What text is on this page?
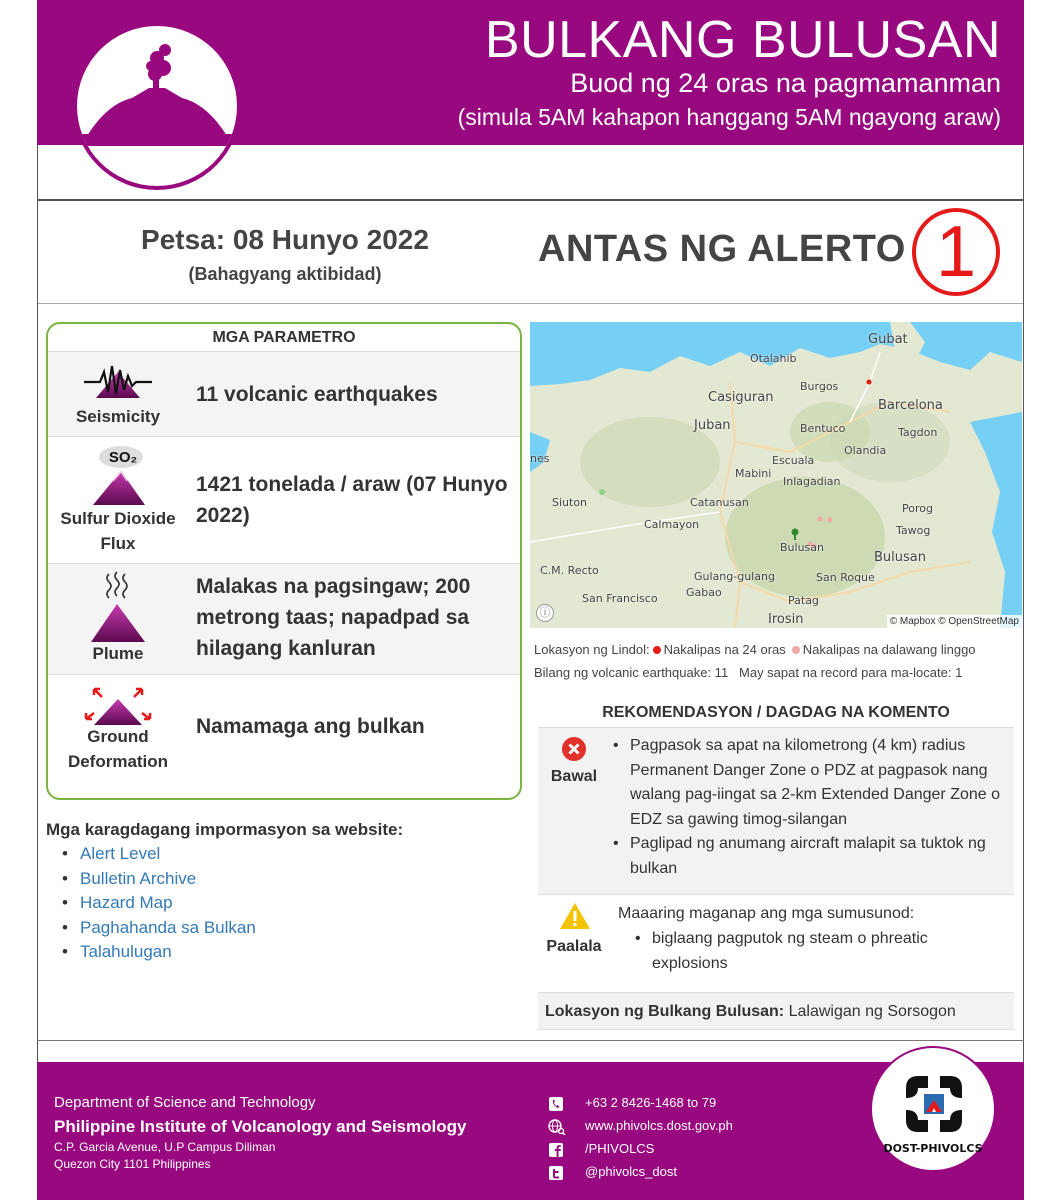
BULKANG BULUSAN
Buod ng 24 oras na pagmamanman
(simula 5AM kahapon hanggang 5AM ngayong araw)
Petsa: 08 Hunyo 2022
(Bahagyang aktibidad)
ANTAS NG ALERTO 1
MGA PARAMETRO
Seismicity
11 volcanic earthquakes
SO₂
Sulfur Dioxide Flux
1421 tonelada / araw (07 Hunyo 2022)
Plume
Malakas na pagsingaw; 200 metrong taas; napadpad sa hilagang kanluran
Ground Deformation
Namamaga ang bulkan
Mga karagdagang impormasyon sa website:
• Alert Level
• Bulletin Archive
• Hazard Map
• Paghahanda sa Bulkan
• Talahulugan
Gubat
Otalahib
Burgos
Casiguran
Barcelona
Juban	Bentuco	Tagdon
nes
Olandia
Escuala
Mabini
Inlagadian
Siuton	Catanusan	Porog
Calmayon	Tawog
Bulusan
Bulusan
C.M. Recto
San Roque
Gulang-gulang
San Francisco	Gabao
Patag
Irosin
ⓘ
© Mapbox © OpenStreetMap
Lokasyon ng Lindol: Nakalipas na 24 oras Nakalipas na dalawang linggo
Bilang ng volcanic earthquake: 11 May sapat na record para ma-locate: 1
REKOMENDASYON / DAGDAG NA KOMENTO
Bawal
• Pagpasok sa apat na kilometrong (4 km) radius Permanent Danger Zone o PDZ at pagpasok nang walang pag-iingat sa 2-km Extended Danger Zone o EDZ sa gawing timog-silangan
• Paglipad ng anumang aircraft malapit sa tuktok ng bulkan
Paalala
Maaaring maganap ang mga sumusunod:
• biglaang pagputok ng steam o phreatic explosions
Lokasyon ng Bulkang Bulusan: Lalawigan ng Sorsogon
Department of Science and Technology
Philippine Institute of Volcanology and Seismology
C.P. Garcia Avenue, U.P Campus Diliman
Quezon City 1101 Philippines
+63 2 8426-1468 to 79
www.phivolcs.dost.gov.ph
/PHIVOLCS
@phivolcs_dost
DOST-PHIVOLCS
